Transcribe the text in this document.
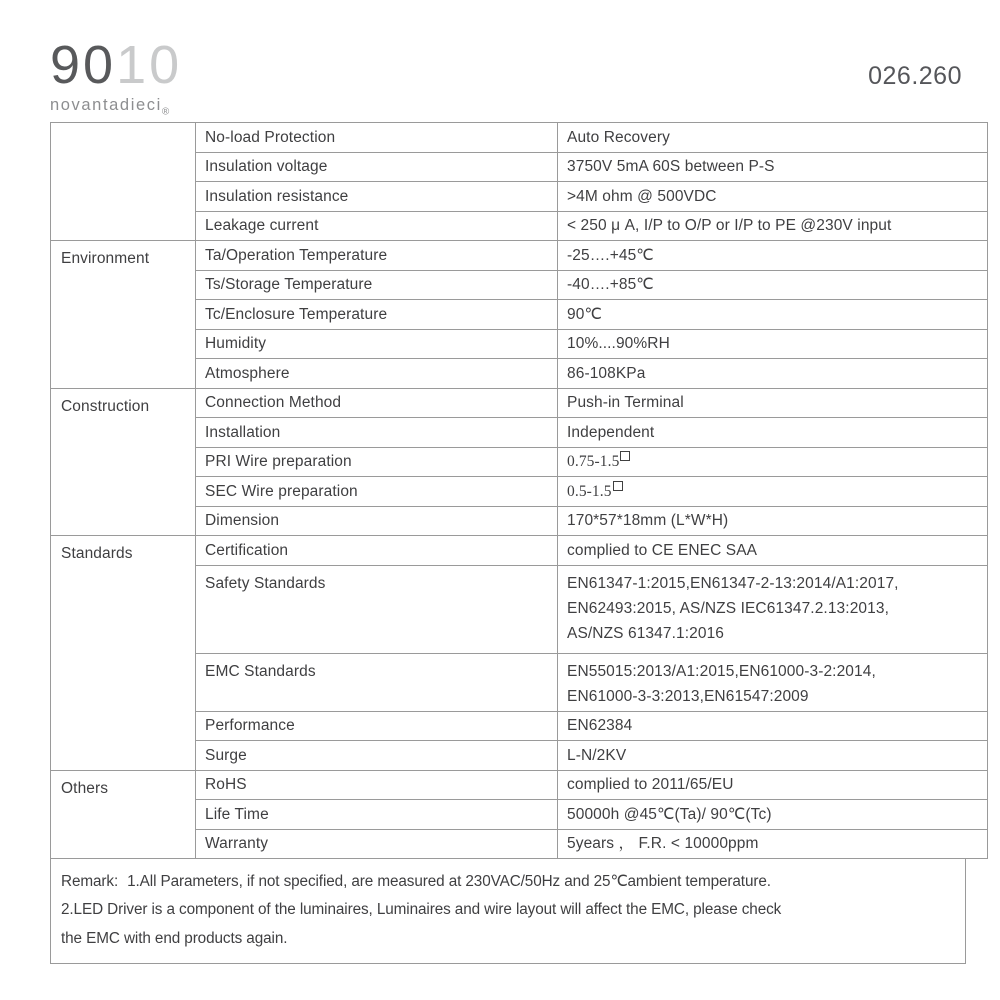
9010
novantadieci$_®$
026.260
	No-load Protection	Auto Recovery

	Insulation voltage	3750V 5mA 60S between P-S

	Insulation resistance	>4M ohm @ 500VDC

	Leakage current	< 250 μ A, I/P to O/P or I/P to PE @230V input

Environment	Ta/Operation Temperature	-25….+45℃

	Ts/Storage Temperature	-40….+85℃

	Tc/Enclosure Temperature	90℃

	Humidity	10%....90%RH

	Atmosphere	86-108KPa

Construction	Connection Method	Push-in Terminal

	Installation	Independent

	PRI Wire preparation	0.75-1.5

	SEC Wire preparation	0.5-1.5

	Dimension	170*57*18mm (L*W*H)

Standards	Certification	complied to CE ENEC SAA

	Safety Standards	EN61347-1:2015,EN61347-2-13:2014/A1:2017,
EN62493:2015, AS/NZS IEC61347.2.13:2013,
AS/NZS 61347.1:2016

	EMC Standards	EN55015:2013/A1:2015,EN61000-3-2:2014,
EN61000-3-3:2013,EN61547:2009

	Performance	EN62384

	Surge	L-N/2KV

Others	RoHS	complied to 2011/65/EU

	Life Time	50000h @45℃(Ta)/ 90℃(Tc)

	Warranty	5years ， F.R. < 10000ppm
Remark: 1.All Parameters, if not specified, are measured at 230VAC/50Hz and 25℃ambient temperature.
2.LED Driver is a component of the luminaires, Luminaires and wire layout will affect the EMC, please check
the EMC with end products again.
